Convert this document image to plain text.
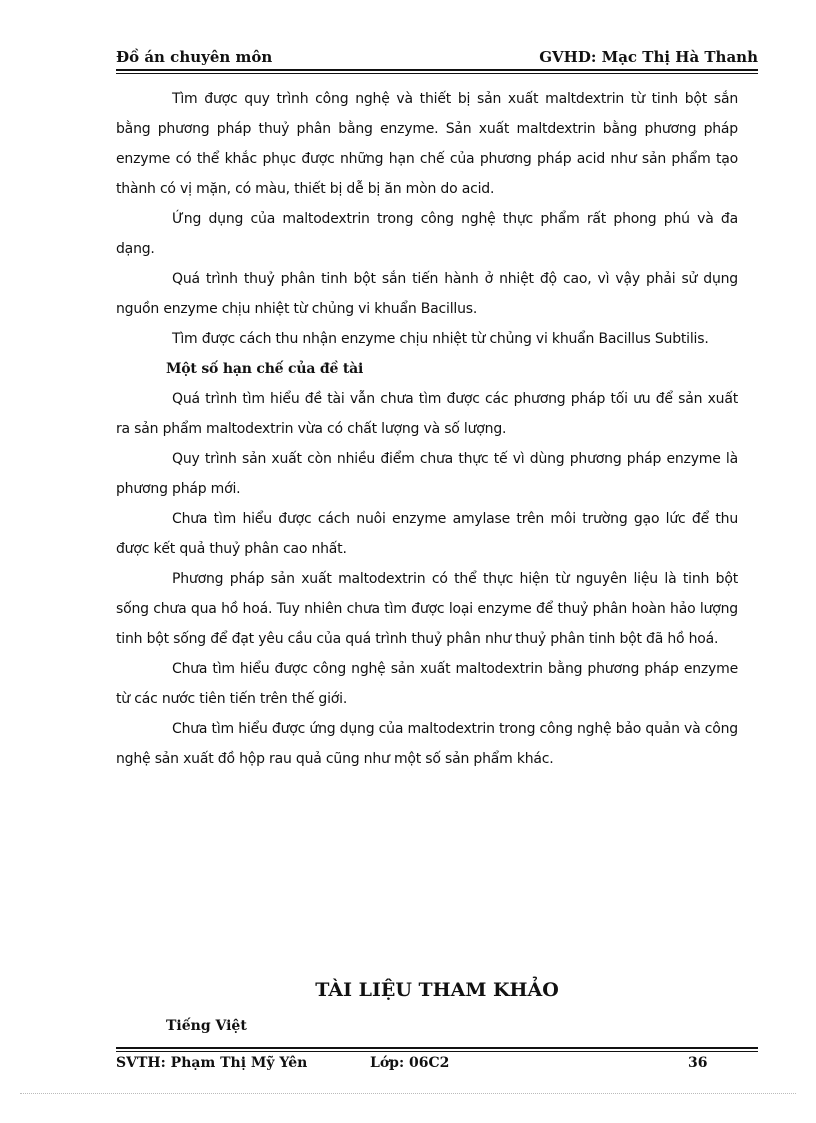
Đồ án chuyên môn	GVHD: Mạc Thị Hà Thanh

Tìm được quy trình công nghệ và thiết bị sản xuất maltdextrin từ tinh bột sắn bằng phương pháp thuỷ phân bằng enzyme. Sản xuất maltdextrin bằng phương pháp enzyme có thể khắc phục được những hạn chế của phương pháp acid như sản phẩm tạo thành có vị mặn, có màu, thiết bị dễ bị ăn mòn do acid.

Ứng dụng của maltodextrin trong công nghệ thực phẩm rất phong phú và đa dạng.

Quá trình thuỷ phân tinh bột sắn tiến hành ở nhiệt độ cao, vì vậy phải sử dụng nguồn enzyme chịu nhiệt từ chủng vi khuẩn Bacillus.

Tìm được cách thu nhận enzyme chịu nhiệt từ chủng vi khuẩn Bacillus Subtilis.

Một số hạn chế của đề tài

Quá trình tìm hiểu đề tài vẫn chưa tìm được các phương pháp tối ưu để sản xuất ra sản phẩm maltodextrin vừa có chất lượng và số lượng.

Quy trình sản xuất còn nhiều điểm chưa thực tế vì dùng phương pháp enzyme là phương pháp mới.

Chưa tìm hiểu được cách nuôi enzyme amylase trên môi trường gạo lức để thu được kết quả thuỷ phân cao nhất.

Phương pháp sản xuất maltodextrin có thể thực hiện từ nguyên liệu là tinh bột sống chưa qua hồ hoá. Tuy nhiên chưa tìm được loại enzyme để thuỷ phân hoàn hảo lượng tinh bột sống để đạt yêu cầu của quá trình thuỷ phân như thuỷ phân tinh bột đã hồ hoá.

Chưa tìm hiểu được công nghệ sản xuất maltodextrin bằng phương pháp enzyme từ các nước tiên tiến trên thế giới.

Chưa tìm hiểu được ứng dụng của maltodextrin trong công nghệ bảo quản và công nghệ sản xuất đồ hộp rau quả cũng như một số sản phẩm khác.

TÀI LIỆU THAM KHẢO
Tiếng Việt
SVTH: Phạm Thị Mỹ Yên	Lớp: 06C2	36
